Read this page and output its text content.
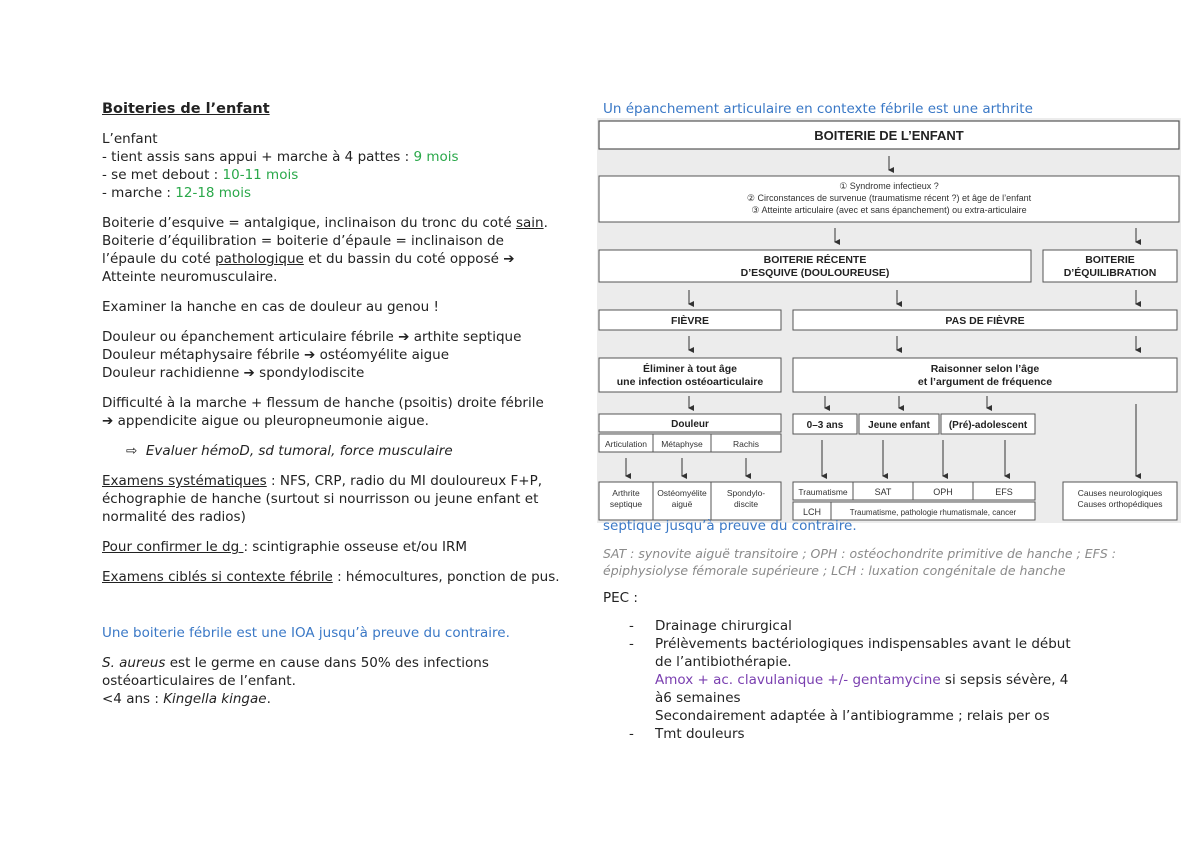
Boiteries de l’enfant

L’enfant

- tient assis sans appui + marche à 4 pattes : 9 mois

- se met debout : 10-11 mois

- marche : 12-18 mois

Boiterie d’esquive = antalgique, inclinaison du tronc du coté sain.

Boiterie d’équilibration = boiterie d’épaule = inclinaison de

l’épaule du coté pathologique et du bassin du coté opposé ➔

Atteinte neuromusculaire.

Examiner la hanche en cas de douleur au genou !

Douleur ou épanchement articulaire fébrile ➔ arthite septique

Douleur métaphysaire fébrile ➔ ostéomyélite aigue

Douleur rachidienne ➔ spondylodiscite

Difficulté à la marche + flessum de hanche (psoitis) droite fébrile

➔ appendicite aigue ou pleuropneumonie aigue.

⇨ Evaluer hémoD, sd tumoral, force musculaire

Examens systématiques : NFS, CRP, radio du MI douloureux F+P,

échographie de hanche (surtout si nourrisson ou jeune enfant et

normalité des radios)

Pour confirmer le dg : scintigraphie osseuse et/ou IRM

Examens ciblés si contexte fébrile : hémocultures, ponction de pus.

Une boiterie fébrile est une IOA jusqu’à preuve du contraire.

S. aureus est le germe en cause dans 50% des infections

ostéoarticulaires de l’enfant.

<4 ans : Kingella kingae.

Un épanchement articulaire en contexte fébrile est une arthrite
BOITERIE DE L’ENFANT
① Syndrome infectieux ?
② Circonstances de survenue (traumatisme récent ?) et âge de l’enfant
③ Atteinte articulaire (avec et sans épanchement) ou extra-articulaire
BOITERIE RÉCENTE
D’ESQUIVE (DOULOUREUSE)
BOITERIE
D’ÉQUILIBRATION
FIÈVRE	PAS DE FIÈVRE
Éliminer à tout âge
une infection ostéoarticulaire
Raisonner selon l’âge
et l’argument de fréquence
Douleur
Articulation Métaphyse	Rachis
0–3 ans Jeune enfant (Pré)-adolescent
Arthrite
septique
Ostéomyélite
aiguë
Spondylo-
discite
Traumatisme	SAT	OPH	EFS
LCH	Traumatisme, pathologie rhumatismale, cancer
Causes neurologiques
Causes orthopédiques

septique jusqu’à preuve du contraire.

SAT : synovite aiguë transitoire ; OPH : ostéochondrite primitive de hanche ; EFS :

épiphysiolyse fémorale supérieure ; LCH : luxation congénitale de hanche

PEC :

- Drainage chirurgical
- Prélèvements bactériologiques indispensables avant le début
de l’antibiothérapie.
Amox + ac. clavulanique +/- gentamycine si sepsis sévère, 4
à6 semaines
Secondairement adaptée à l’antibiogramme ; relais per os
- Tmt douleurs
